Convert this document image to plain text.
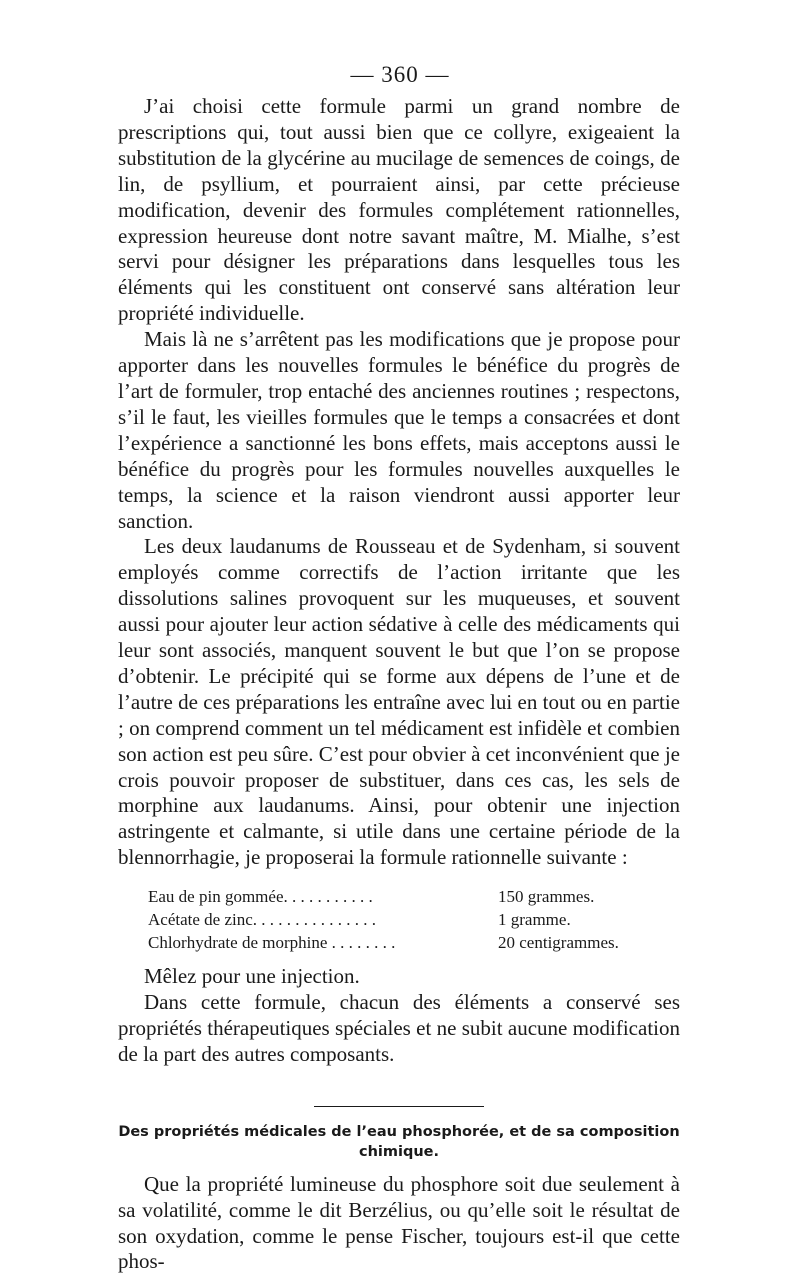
— 360 —

J’ai choisi cette formule parmi un grand nombre de prescriptions qui, tout aussi bien que ce collyre, exigeaient la substitution de la glycérine au mucilage de semences de coings, de lin, de psyllium, et pourraient ainsi, par cette précieuse modification, devenir des formules complétement rationnelles, expression heureuse dont notre savant maître, M. Mialhe, s’est servi pour désigner les préparations dans lesquelles tous les éléments qui les constituent ont conservé sans altération leur propriété individuelle.

Mais là ne s’arrêtent pas les modifications que je propose pour apporter dans les nouvelles formules le bénéfice du progrès de l’art de formuler, trop entaché des anciennes routines ; respectons, s’il le faut, les vieilles formules que le temps a consacrées et dont l’expérience a sanctionné les bons effets, mais acceptons aussi le bénéfice du progrès pour les formules nouvelles auxquelles le temps, la science et la raison viendront aussi apporter leur sanction.

Les deux laudanums de Rousseau et de Sydenham, si souvent employés comme correctifs de l’action irritante que les dissolutions salines provoquent sur les muqueuses, et souvent aussi pour ajouter leur action sédative à celle des médicaments qui leur sont associés, manquent souvent le but que l’on se propose d’obtenir. Le précipité qui se forme aux dépens de l’une et de l’autre de ces préparations les entraîne avec lui en tout ou en partie ; on comprend comment un tel médicament est infidèle et combien son action est peu sûre. C’est pour obvier à cet inconvénient que je crois pouvoir proposer de substituer, dans ces cas, les sels de morphine aux laudanums. Ainsi, pour obtenir une injection astringente et calmante, si utile dans une certaine période de la blennorrhagie, je proposerai la formule rationnelle suivante :

Eau de pin gommée. . . . . . . . . . .	150 grammes.
Acétate de zinc. . . . . . . . . . . . . . .	1 gramme.
Chlorhydrate de morphine . . . . . . . .	20 centigrammes.

Mêlez pour une injection.

Dans cette formule, chacun des éléments a conservé ses propriétés thérapeutiques spéciales et ne subit aucune modification de la part des autres composants.

Des propriétés médicales de l’eau phosphorée, et de sa composition chimique.

Que la propriété lumineuse du phosphore soit due seulement à sa volatilité, comme le dit Berzélius, ou qu’elle soit le résultat de son oxydation, comme le pense Fischer, toujours est-il que cette phos-
